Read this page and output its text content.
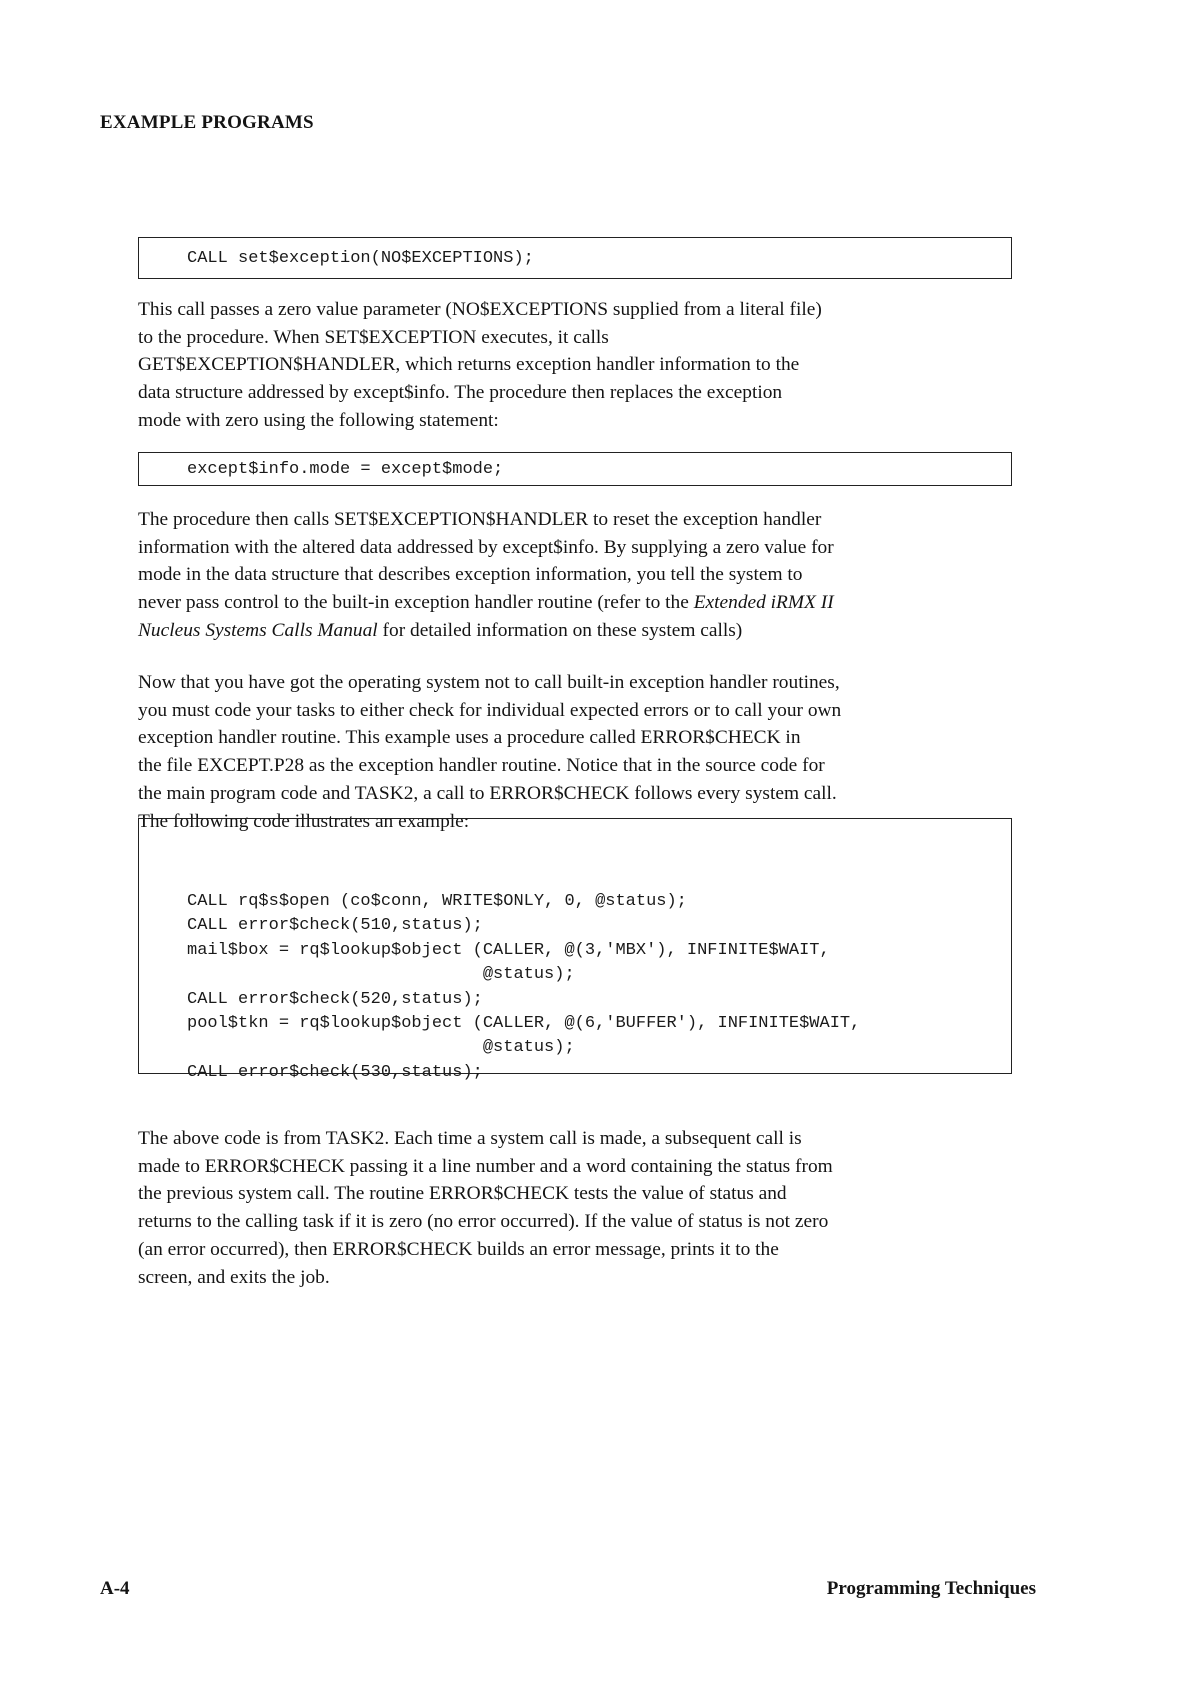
EXAMPLE PROGRAMS
CALL set$exception(NO$EXCEPTIONS);

This call passes a zero value parameter (NO$EXCEPTIONS supplied from a literal file)
to the procedure. When SET$EXCEPTION executes, it calls
GET$EXCEPTION$HANDLER, which returns exception handler information to the
data structure addressed by except$info. The procedure then replaces the exception
mode with zero using the following statement:

except$info.mode = except$mode;

The procedure then calls SET$EXCEPTION$HANDLER to reset the exception handler
information with the altered data addressed by except$info. By supplying a zero value for
mode in the data structure that describes exception information, you tell the system to
never pass control to the built-in exception handler routine (refer to the Extended iRMX II
Nucleus Systems Calls Manual for detailed information on these system calls)

Now that you have got the operating system not to call built-in exception handler routines,
you must code your tasks to either check for individual expected errors or to call your own
exception handler routine. This example uses a procedure called ERROR$CHECK in
the file EXCEPT.P28 as the exception handler routine. Notice that in the source code for
the main program code and TASK2, a call to ERROR$CHECK follows every system call.
The following code illustrates an example:

CALL rq$s$open (co$conn, WRITE$ONLY, 0, @status);
CALL error$check(510,status);
mail$box = rq$lookup$object (CALLER, @(3,'MBX'), INFINITE$WAIT,
@status);
CALL error$check(520,status);
pool$tkn = rq$lookup$object (CALLER, @(6,'BUFFER'), INFINITE$WAIT,
@status);
CALL error$check(530,status);

The above code is from TASK2. Each time a system call is made, a subsequent call is
made to ERROR$CHECK passing it a line number and a word containing the status from
the previous system call. The routine ERROR$CHECK tests the value of status and
returns to the calling task if it is zero (no error occurred). If the value of status is not zero
(an error occurred), then ERROR$CHECK builds an error message, prints it to the
screen, and exits the job.

A-4	Programming Techniques
